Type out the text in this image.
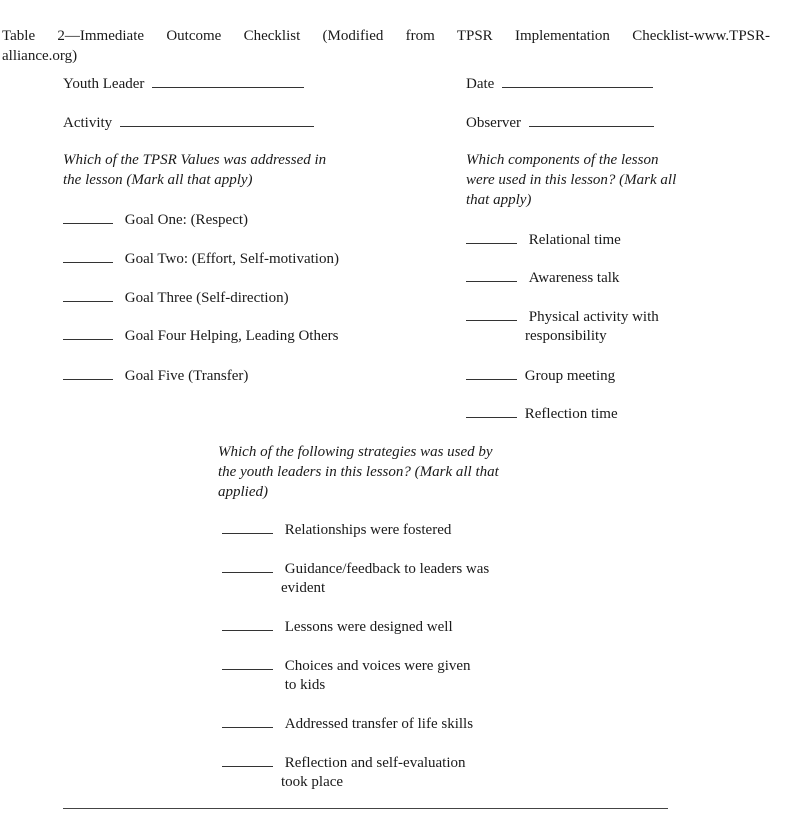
Table 2—Immediate Outcome Checklist (Modified from TPSR Implementation Checklist-www.TPSR-
alliance.org)
Youth Leader	Date
Activity	Observer
Which of the TPSR Values was addressed in
the lesson (Mark all that apply)
Goal One: (Respect)
Goal Two: (Effort, Self-motivation)
Goal Three (Self-direction)
Goal Four Helping, Leading Others
Goal Five (Transfer)
Which components of the lesson
were used in this lesson? (Mark all
that apply)
Relational time
Awareness talk
Physical activity with
responsibility
Group meeting
Reflection time
Which of the following strategies was used by
the youth leaders in this lesson? (Mark all that
applied)
Relationships were fostered
Guidance/feedback to leaders was
evident
Lessons were designed well
Choices and voices were given
to kids
Addressed transfer of life skills
Reflection and self-evaluation
took place
